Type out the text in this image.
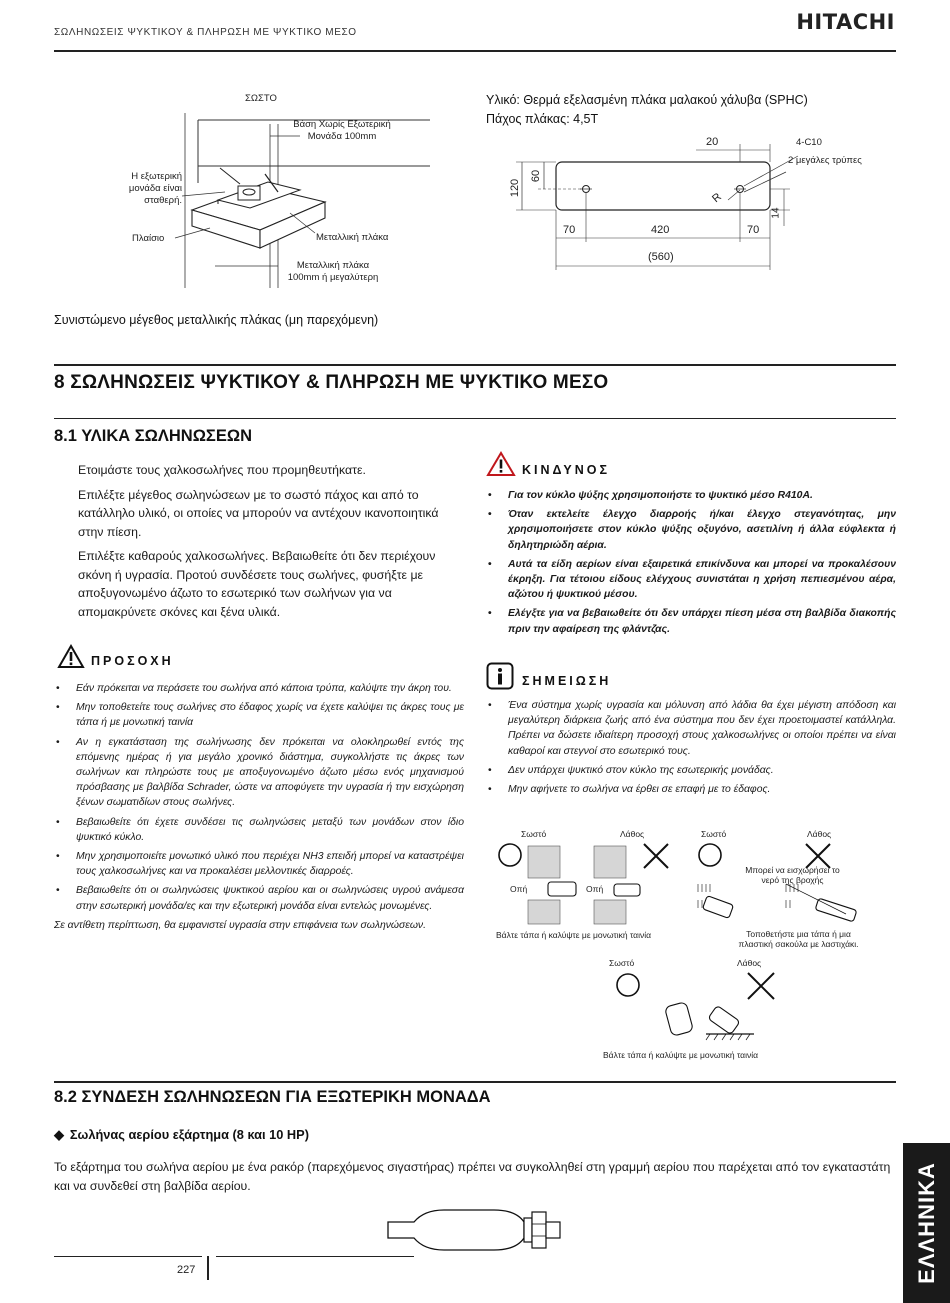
ΣΩΛΗΝΩΣΕΙΣ ΨΥΚΤΙΚΟΥ & ΠΛΗΡΩΣΗ ΜΕ ΨΥΚΤΙΚΟ ΜΕΣΟ	HITACHI
ΣΩΣΤΟ
Βάση Χωρίς Εξωτερική Μονάδα 100mm
Η εξωτερική
μονάδα είναι
σταθερή.
Πλαίσιο	Μεταλλική πλάκα
Μεταλλική πλάκα
100mm ή μεγαλύτερη
Συνιστώμενο μέγεθος μεταλλικής πλάκας (μη παρεχόμενη)
Υλικό: Θερμά εξελασμένη πλάκα μαλακού χάλυβα (SPHC)
Πάχος πλάκας: 4,5T
20	4-C10
2 μεγάλες τρύπες
120
60
R
14
70	420	70
(560)
8 ΣΩΛΗΝΩΣΕΙΣ ΨΥΚΤΙΚΟΥ & ΠΛΗΡΩΣΗ ΜΕ ΨΥΚΤΙΚΟ ΜΕΣΟ
8.1 ΥΛΙΚΑ ΣΩΛΗΝΩΣΕΩΝ

Ετοιμάστε τους χαλκοσωλήνες που προμηθευτήκατε.

Επιλέξτε μέγεθος σωληνώσεων με το σωστό πάχος και από το κατάλληλο υλικό, οι οποίες να μπορούν να αντέχουν ικανοποιητικά στην πίεση.

Επιλέξτε καθαρούς χαλκοσωλήνες. Βεβαιωθείτε ότι δεν περιέχουν σκόνη ή υγρασία. Προτού συνδέσετε τους σωλήνες, φυσήξτε με αποξυγονωμένο άζωτο το εσωτερικό των σωλήνων για να απομακρύνετε σκόνες και ξένα υλικά.

ΠΡΟΣΟΧΗ
• Εάν πρόκειται να περάσετε του σωλήνα από κάποια τρύπα, καλύψτε την άκρη του.
• Μην τοποθετείτε τους σωλήνες στο έδαφος χωρίς να έχετε καλύψει τις άκρες τους με τάπα ή με μονωτική ταινία
• Αν η εγκατάσταση της σωλήνωσης δεν πρόκειται να ολοκληρωθεί εντός της επόμενης ημέρας ή για μεγάλο χρονικό διάστημα, συγκολλήστε τις άκρες των σωλήνων και πληρώστε τους με αποξυγονωμένο άζωτο μέσω ενός μηχανισμού πρόσβασης με βαλβίδα Schrader, ώστε να αποφύγετε την υγρασία ή την εισχώρηση ξένων σωματιδίων στους σωλήνες.
• Βεβαιωθείτε ότι έχετε συνδέσει τις σωληνώσεις μεταξύ των μονάδων στον ίδιο ψυκτικό κύκλο.
• Μην χρησιμοποιείτε μονωτικό υλικό που περιέχει NH3 επειδή μπορεί να καταστρέψει τους χαλκοσωλήνες και να προκαλέσει μελλοντικές διαρροές.
• Βεβαιωθείτε ότι οι σωληνώσεις ψυκτικού αερίου και οι σωληνώσεις υγρού ανάμεσα στην εσωτερική μονάδα/ες και την εξωτερική μονάδα είναι εντελώς μονωμένες.
Σε αντίθετη περίπτωση, θα εμφανιστεί υγρασία στην επιφάνεια των σωληνώσεων.
ΚΙΝΔΥΝΟΣ
• Για τον κύκλο ψύξης χρησιμοποιήστε το ψυκτικό μέσο R410A.
• Όταν εκτελείτε έλεγχο διαρροής ή/και έλεγχο στεγανότητας, μην χρησιμοποιήσετε στον κύκλο ψύξης οξυγόνο, ασετιλίνη ή άλλα εύφλεκτα ή δηλητηριώδη αέρια.
• Αυτά τα είδη αερίων είναι εξαιρετικά επικίνδυνα και μπορεί να προκαλέσουν έκρηξη. Για τέτοιου είδους ελέγχους συνιστάται η χρήση πεπιεσμένου αέρα, αζώτου ή ψυκτικού μέσου.
• Ελέγξτε για να βεβαιωθείτε ότι δεν υπάρχει πίεση μέσα στη βαλβίδα διακοπής πριν την αφαίρεση της φλάντζας.
ΣΗΜΕΙΩΣΗ
• Ένα σύστημα χωρίς υγρασία και μόλυνση από λάδια θα έχει μέγιστη απόδοση και μεγαλύτερη διάρκεια ζωής από ένα σύστημα που δεν έχει προετοιμαστεί κατάλληλα. Πρέπει να δώσετε ιδιαίτερη προσοχή στους χαλκοσωλήνες οι οποίοι πρέπει να είναι καθαροί και στεγνοί στο εσωτερικό τους.
• Δεν υπάρχει ψυκτικό στον κύκλο της εσωτερικής μονάδας.
• Μην αφήνετε το σωλήνα να έρθει σε επαφή με το έδαφος.
Σωστό	Λάθος	Σωστό	Λάθος
Οπή	Οπή
Μπορεί να εισχωρήσει το
νερό της βροχής
Βάλτε τάπα ή καλύψτε με μονωτική ταινία	Τοποθετήστε μια τάπα ή μια
πλαστική σακούλα με λαστιχάκι.
Σωστό	Λάθος
Βάλτε τάπα ή καλύψτε με μονωτική ταινία
8.2 ΣΥΝΔΕΣΗ ΣΩΛΗΝΩΣΕΩΝ ΓΙΑ ΕΞΩΤΕΡΙΚΗ ΜΟΝΑΔΑ
◆ Σωλήνας αερίου εξάρτημα (8 και 10 HP)
Το εξάρτημα του σωλήνα αερίου με ένα ρακόρ (παρεχόμενος σιγαστήρας) πρέπει να συγκολληθεί στη γραμμή αερίου που παρέχεται από τον εγκαταστάτη και να συνδεθεί στη βαλβίδα αερίου.
227	ΕΛΛΗΝΙΚΑ
